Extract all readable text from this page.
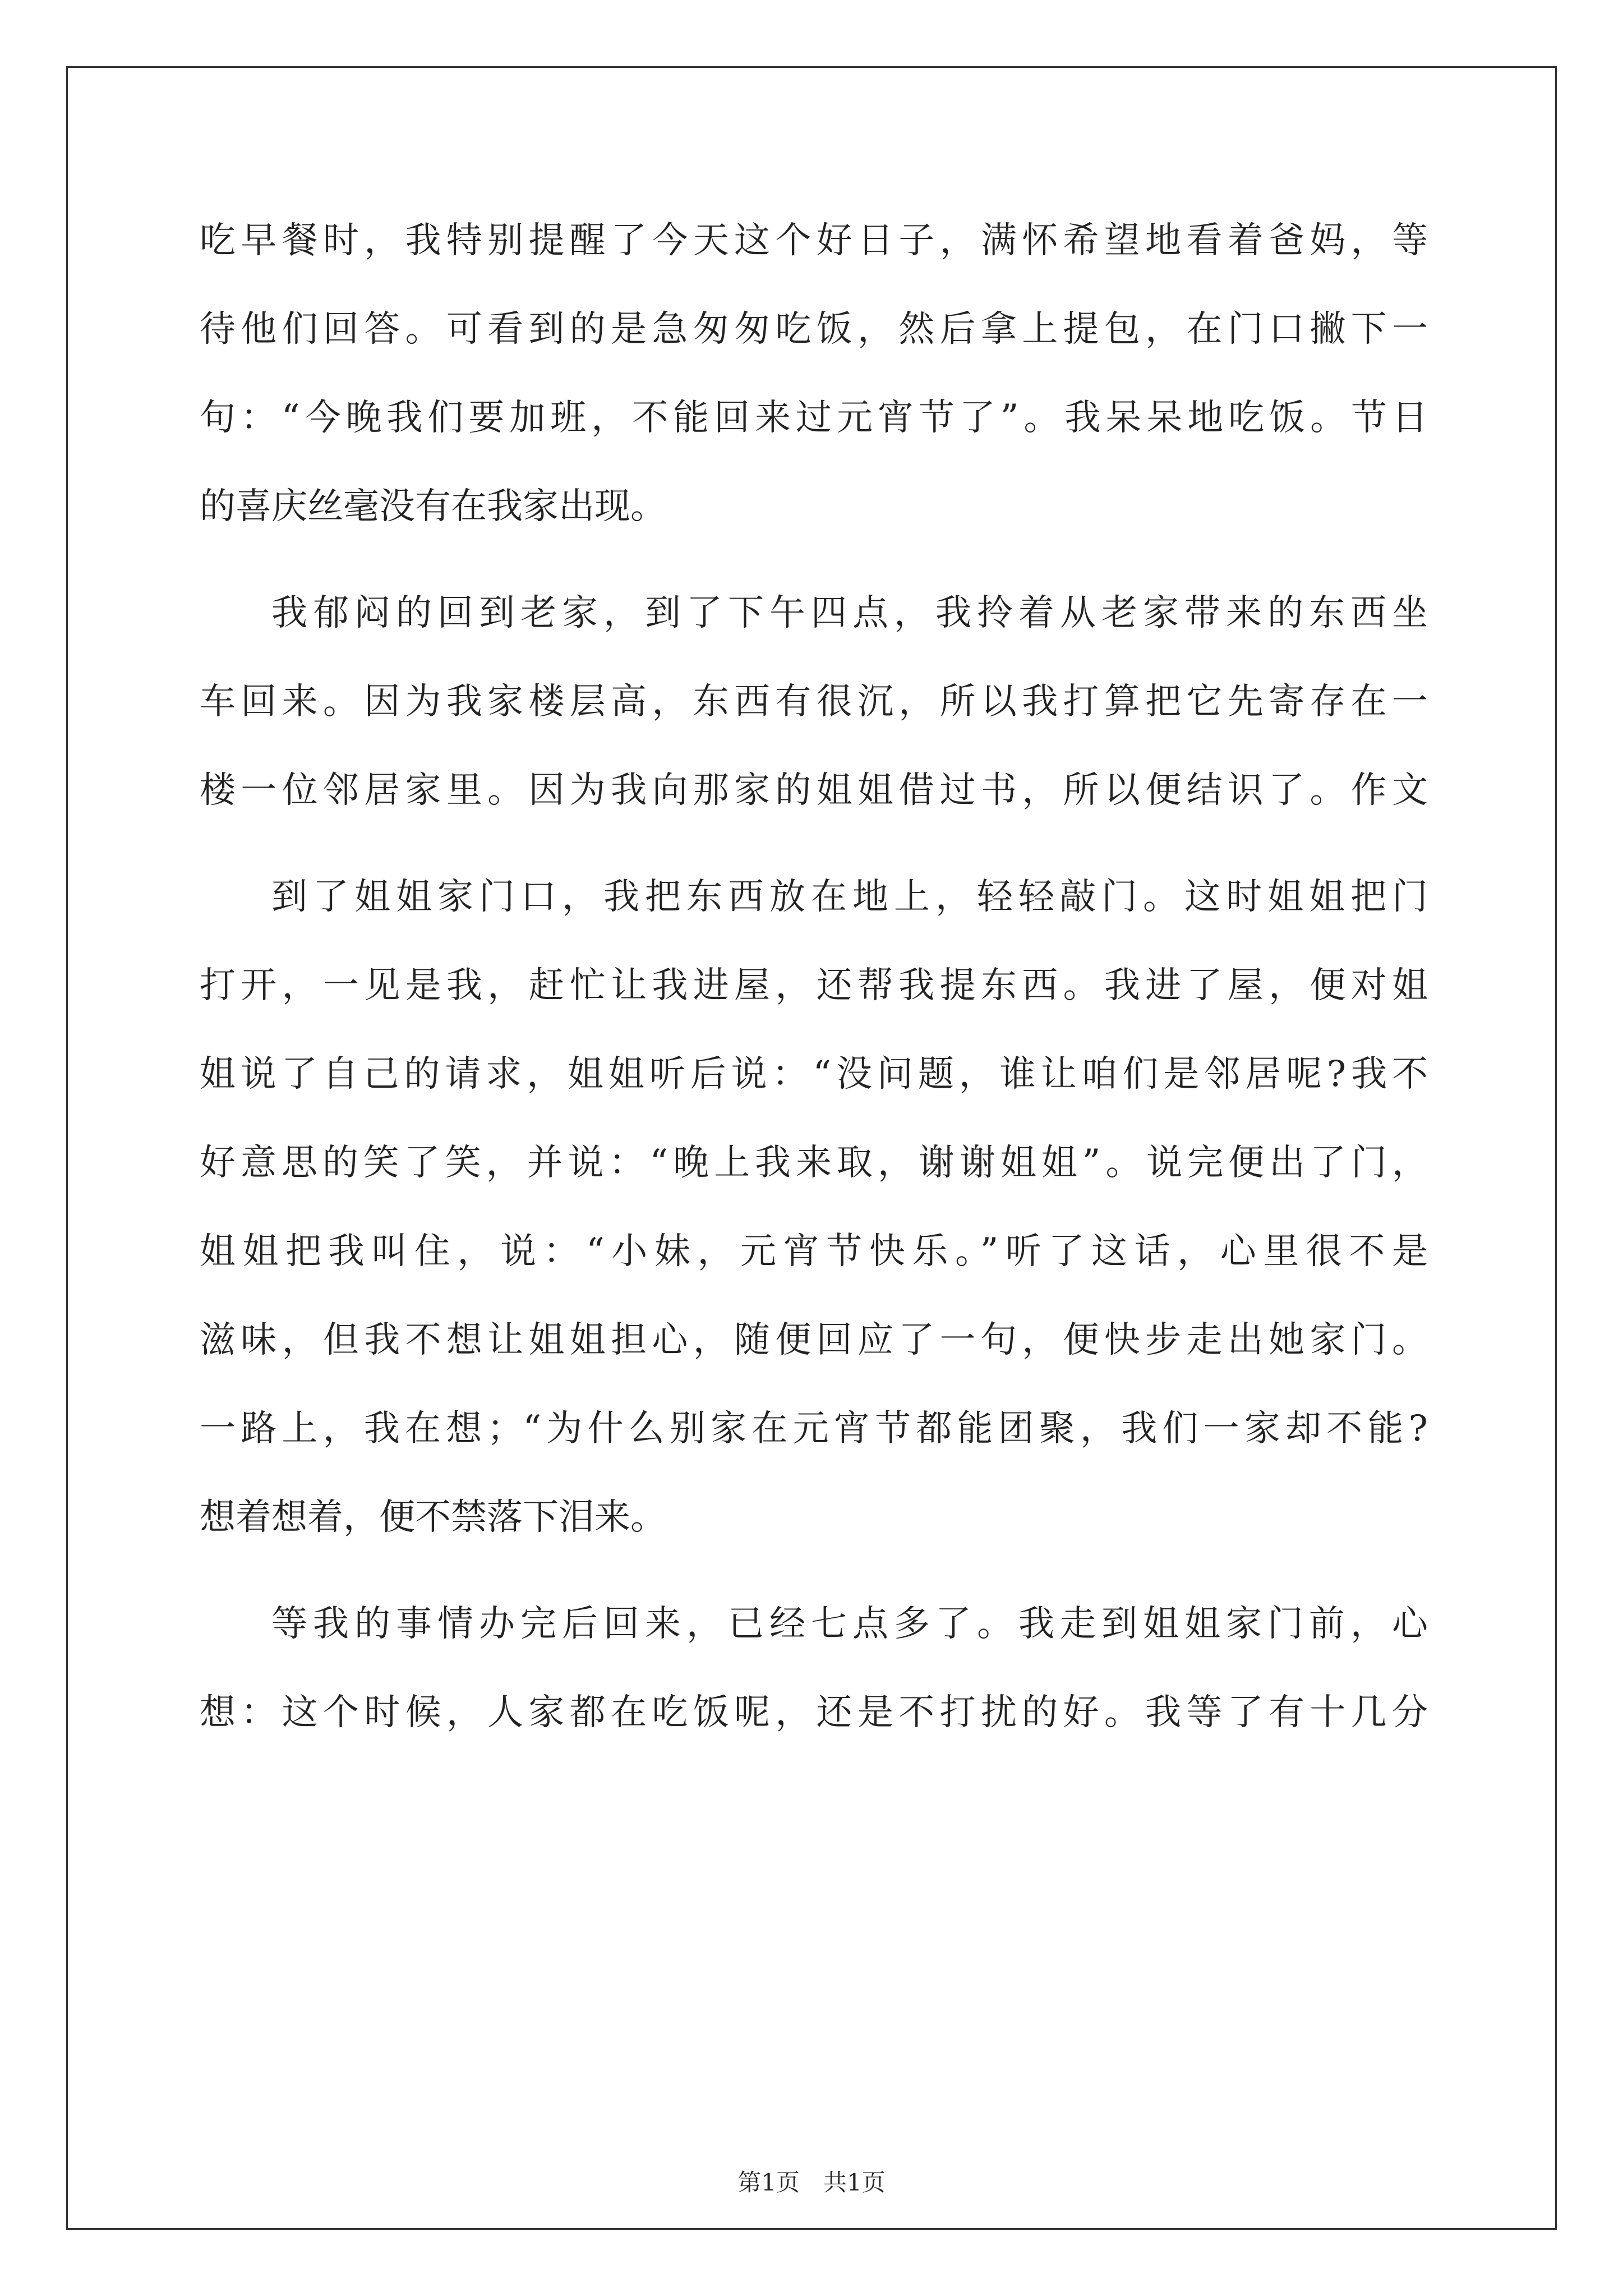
吃早餐时，我特别提醒了今天这个好日子，满怀希望地看着爸妈，等
待他们回答。可看到的是急匆匆吃饭，然后拿上提包，在门口撇下一
句：“今晚我们要加班，不能回来过元宵节了”。我呆呆地吃饭。节日
的喜庆丝毫没有在我家出现。
我郁闷的回到老家，到了下午四点，我拎着从老家带来的东西坐
车回来。因为我家楼层高，东西有很沉，所以我打算把它先寄存在一
楼一位邻居家里。因为我向那家的姐姐借过书，所以便结识了。作文
到了姐姐家门口，我把东西放在地上，轻轻敲门。这时姐姐把门
打开，一见是我，赶忙让我进屋，还帮我提东西。我进了屋，便对姐
姐说了自己的请求，姐姐听后说：“没问题，谁让咱们是邻居呢?我不
好意思的笑了笑，并说：“晚上我来取，谢谢姐姐”。说完便出了门，
姐姐把我叫住，说：“小妹，元宵节快乐。”听了这话，心里很不是
滋味，但我不想让姐姐担心，随便回应了一句，便快步走出她家门。
一路上，我在想；“为什么别家在元宵节都能团聚，我们一家却不能?
想着想着，便不禁落下泪来。
等我的事情办完后回来，已经七点多了。我走到姐姐家门前，心
想：这个时候，人家都在吃饭呢，还是不打扰的好。我等了有十几分
第1页 共1页
